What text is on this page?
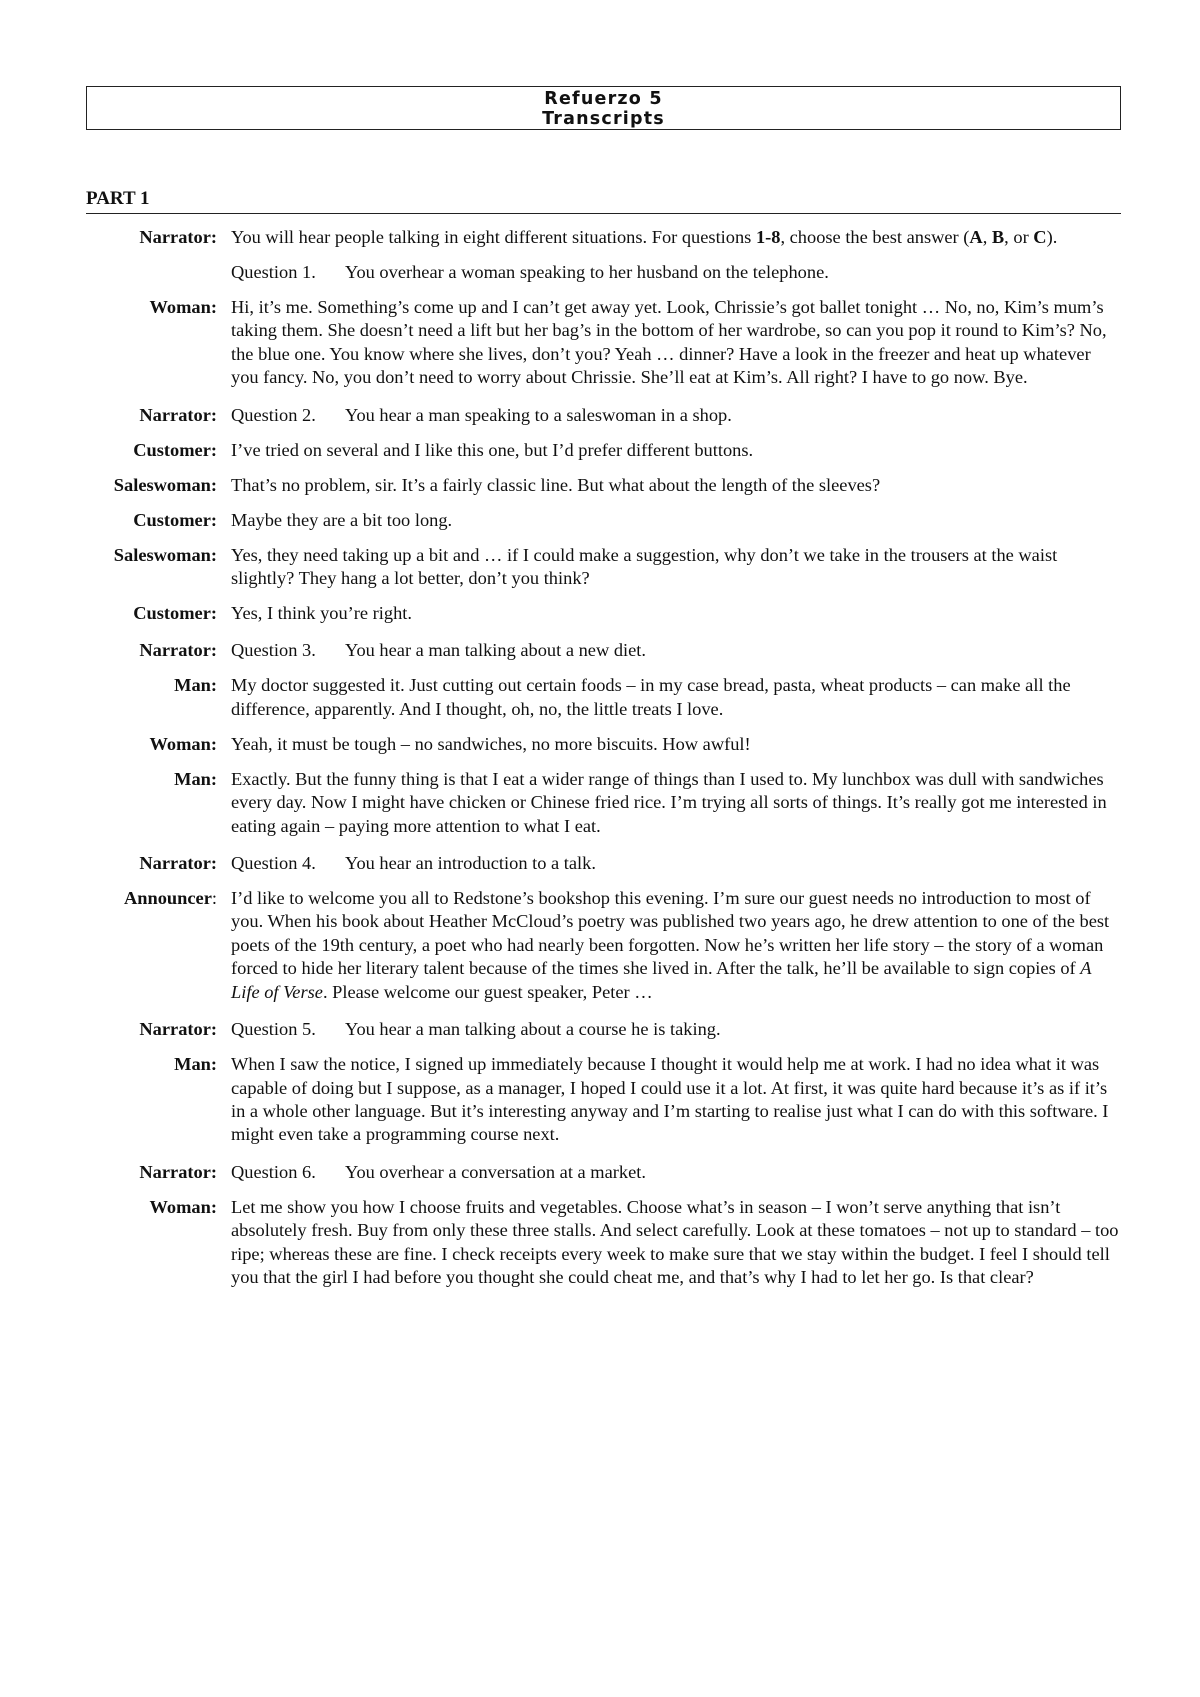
Refuerzo 5
Transcripts
PART 1
Narrator: You will hear people talking in eight different situations. For questions 1-8, choose the best answer (A, B, or C).
Question 1. You overhear a woman speaking to her husband on the telephone.
Woman: Hi, it’s me. Something’s come up and I can’t get away yet. Look, Chrissie’s got ballet tonight … No, no, Kim’s mum’s taking them. She doesn’t need a lift but her bag’s in the bottom of her wardrobe, so can you pop it round to Kim’s? No, the blue one. You know where she lives, don’t you? Yeah … dinner? Have a look in the freezer and heat up whatever you fancy. No, you don’t need to worry about Chrissie. She’ll eat at Kim’s. All right? I have to go now. Bye.
Narrator: Question 2. You hear a man speaking to a saleswoman in a shop.
Customer: I’ve tried on several and I like this one, but I’d prefer different buttons.
Saleswoman: That’s no problem, sir. It’s a fairly classic line. But what about the length of the sleeves?
Customer: Maybe they are a bit too long.
Saleswoman: Yes, they need taking up a bit and … if I could make a suggestion, why don’t we take in the trousers at the waist slightly? They hang a lot better, don’t you think?
Customer: Yes, I think you’re right.
Narrator: Question 3. You hear a man talking about a new diet.
Man: My doctor suggested it. Just cutting out certain foods – in my case bread, pasta, wheat products – can make all the difference, apparently. And I thought, oh, no, the little treats I love.
Woman: Yeah, it must be tough – no sandwiches, no more biscuits. How awful!
Man: Exactly. But the funny thing is that I eat a wider range of things than I used to. My lunchbox was dull with sandwiches every day. Now I might have chicken or Chinese fried rice. I’m trying all sorts of things. It’s really got me interested in eating again – paying more attention to what I eat.
Narrator: Question 4. You hear an introduction to a talk.
Announcer: I’d like to welcome you all to Redstone’s bookshop this evening. I’m sure our guest needs no introduction to most of you. When his book about Heather McCloud’s poetry was published two years ago, he drew attention to one of the best poets of the 19th century, a poet who had nearly been forgotten. Now he’s written her life story – the story of a woman forced to hide her literary talent because of the times she lived in. After the talk, he’ll be available to sign copies of A Life of Verse. Please welcome our guest speaker, Peter …
Narrator: Question 5. You hear a man talking about a course he is taking.
Man: When I saw the notice, I signed up immediately because I thought it would help me at work. I had no idea what it was capable of doing but I suppose, as a manager, I hoped I could use it a lot. At first, it was quite hard because it’s as if it’s in a whole other language. But it’s interesting anyway and I’m starting to realise just what I can do with this software. I might even take a programming course next.
Narrator: Question 6. You overhear a conversation at a market.
Woman: Let me show you how I choose fruits and vegetables. Choose what’s in season – I won’t serve anything that isn’t absolutely fresh. Buy from only these three stalls. And select carefully. Look at these tomatoes – not up to standard – too ripe; whereas these are fine. I check receipts every week to make sure that we stay within the budget. I feel I should tell you that the girl I had before you thought she could cheat me, and that’s why I had to let her go. Is that clear?
